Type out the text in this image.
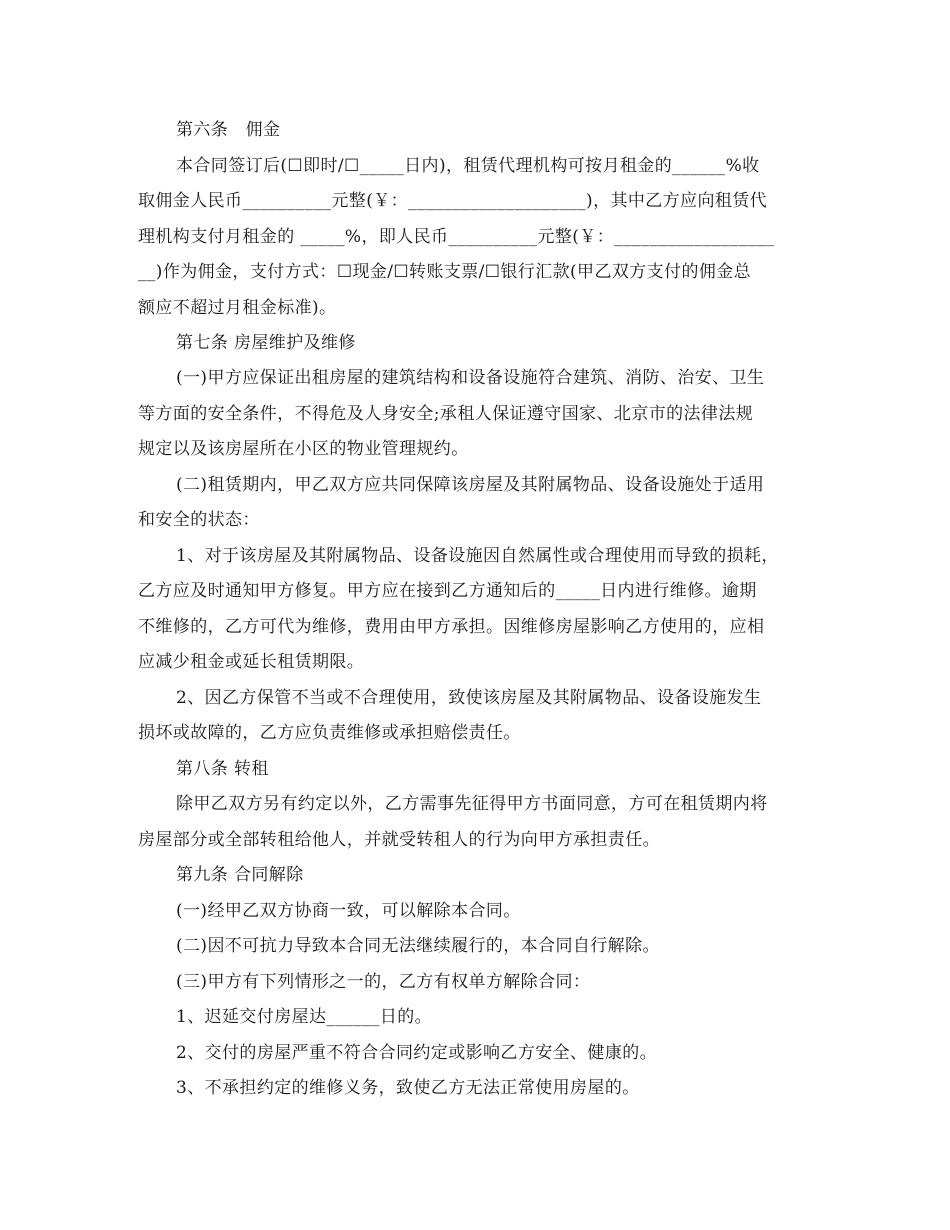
第六条　佣金
本合同签订后(☐即时/☐_____日内)，租赁代理机构可按月租金的______%收
取佣金人民币__________元整(￥：____________________)，其中乙方应向租赁代
理机构支付月租金的 _____%，即人民币__________元整(￥：__________________
__)作为佣金，支付方式：☐现金/☐转账支票/☐银行汇款(甲乙双方支付的佣金总
额应不超过月租金标准)。
第七条 房屋维护及维修
(一)甲方应保证出租房屋的建筑结构和设备设施符合建筑、消防、治安、卫生
等方面的安全条件，不得危及人身安全;承租人保证遵守国家、北京市的法律法规
规定以及该房屋所在小区的物业管理规约。
(二)租赁期内，甲乙双方应共同保障该房屋及其附属物品、设备设施处于适用
和安全的状态：
1、对于该房屋及其附属物品、设备设施因自然属性或合理使用而导致的损耗，
乙方应及时通知甲方修复。甲方应在接到乙方通知后的_____日内进行维修。逾期
不维修的，乙方可代为维修，费用由甲方承担。因维修房屋影响乙方使用的，应相
应减少租金或延长租赁期限。
2、因乙方保管不当或不合理使用，致使该房屋及其附属物品、设备设施发生
损坏或故障的，乙方应负责维修或承担赔偿责任。
第八条 转租
除甲乙双方另有约定以外，乙方需事先征得甲方书面同意，方可在租赁期内将
房屋部分或全部转租给他人，并就受转租人的行为向甲方承担责任。
第九条 合同解除
(一)经甲乙双方协商一致，可以解除本合同。
(二)因不可抗力导致本合同无法继续履行的，本合同自行解除。
(三)甲方有下列情形之一的，乙方有权单方解除合同：
1、迟延交付房屋达______日的。
2、交付的房屋严重不符合合同约定或影响乙方安全、健康的。
3、不承担约定的维修义务，致使乙方无法正常使用房屋的。
